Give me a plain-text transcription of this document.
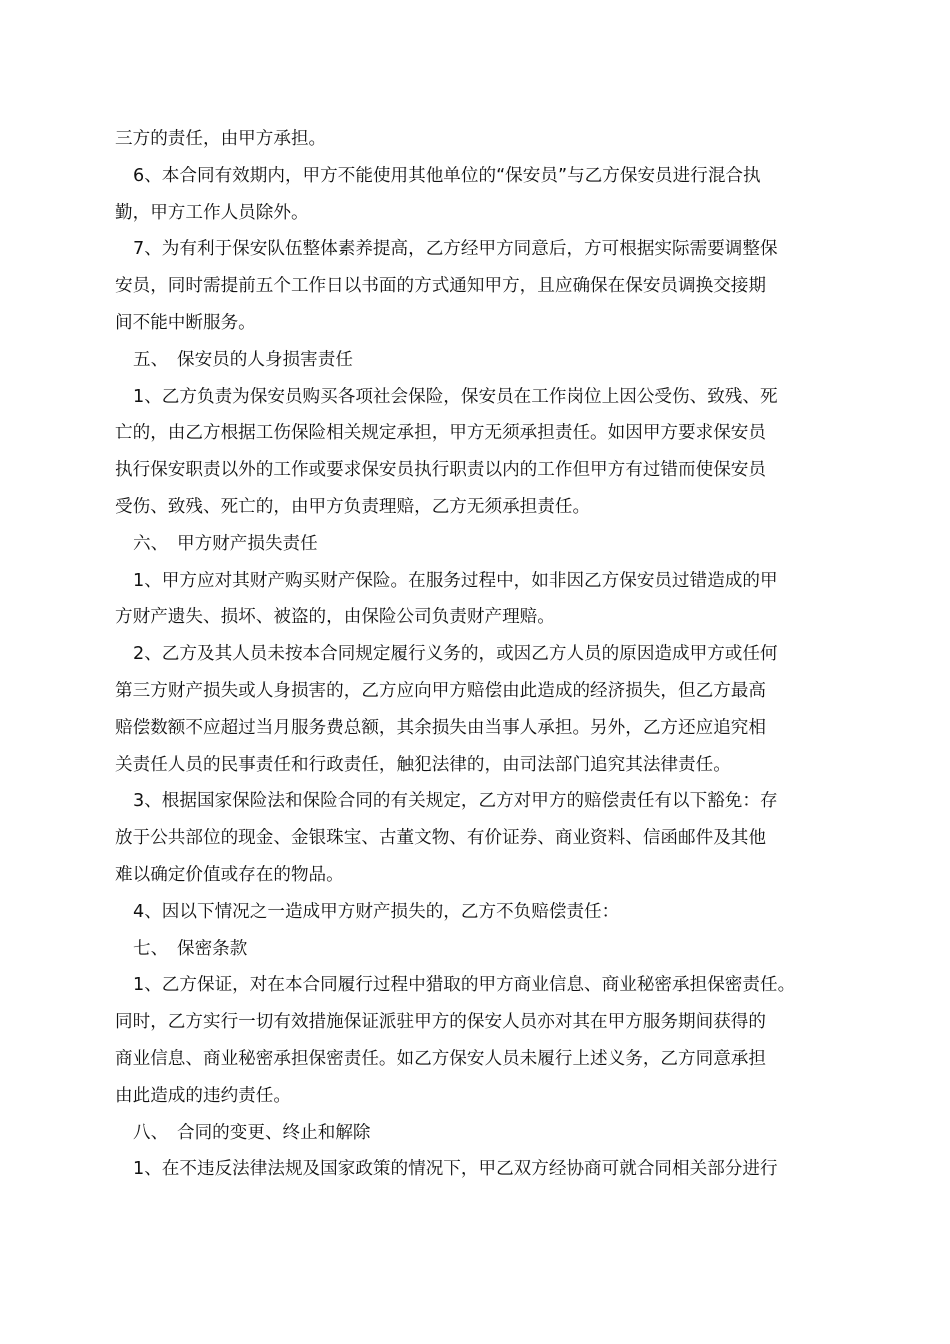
三方的责任，由甲方承担。
6、本合同有效期内，甲方不能使用其他单位的“保安员”与乙方保安员进行混合执
勤，甲方工作人员除外。
7、为有利于保安队伍整体素养提高，乙方经甲方同意后，方可根据实际需要调整保
安员，同时需提前五个工作日以书面的方式通知甲方，且应确保在保安员调换交接期
间不能中断服务。
五、　保安员的人身损害责任
1、乙方负责为保安员购买各项社会保险，保安员在工作岗位上因公受伤、致残、死
亡的，由乙方根据工伤保险相关规定承担，甲方无须承担责任。如因甲方要求保安员
执行保安职责以外的工作或要求保安员执行职责以内的工作但甲方有过错而使保安员
受伤、致残、死亡的，由甲方负责理赔，乙方无须承担责任。
六、　甲方财产损失责任
1、甲方应对其财产购买财产保险。在服务过程中，如非因乙方保安员过错造成的甲
方财产遗失、损坏、被盗的，由保险公司负责财产理赔。
2、乙方及其人员未按本合同规定履行义务的，或因乙方人员的原因造成甲方或任何
第三方财产损失或人身损害的，乙方应向甲方赔偿由此造成的经济损失，但乙方最高
赔偿数额不应超过当月服务费总额，其余损失由当事人承担。另外，乙方还应追究相
关责任人员的民事责任和行政责任，触犯法律的，由司法部门追究其法律责任。
3、根据国家保险法和保险合同的有关规定，乙方对甲方的赔偿责任有以下豁免：存
放于公共部位的现金、金银珠宝、古董文物、有价证券、商业资料、信函邮件及其他
难以确定价值或存在的物品。
4、因以下情况之一造成甲方财产损失的，乙方不负赔偿责任：
七、　保密条款
1、乙方保证，对在本合同履行过程中猎取的甲方商业信息、商业秘密承担保密责任。
同时，乙方实行一切有效措施保证派驻甲方的保安人员亦对其在甲方服务期间获得的
商业信息、商业秘密承担保密责任。如乙方保安人员未履行上述义务，乙方同意承担
由此造成的违约责任。
八、　合同的变更、终止和解除
1、在不违反法律法规及国家政策的情况下，甲乙双方经协商可就合同相关部分进行
